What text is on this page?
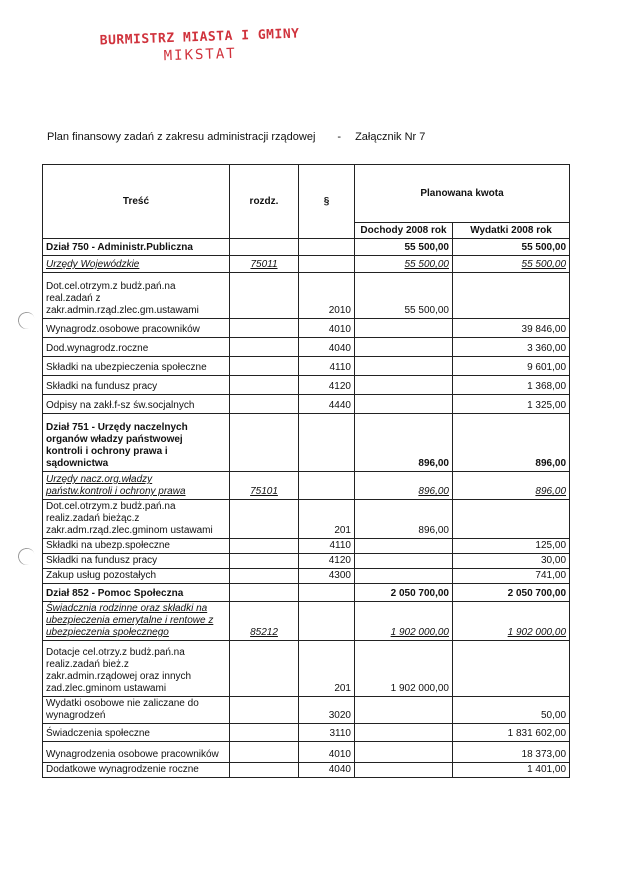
BURMISTRZ MIASTA I GMINY
MIKSTAT
Plan finansowy zadań z zakresu administracji rządowej - Załącznik Nr 7
Treść	rozdz.	§	Planowana kwota	
			Dochody 2008 rok	Wydatki 2008 rok
Dział 750 - Administr.Publiczna			55 500,00	55 500,00
Urzędy Wojewódzkie	75011		55 500,00	55 500,00
Dot.cel.otrzym.z budż.pań.na
real.zadań z
zakr.admin.rząd.zlec.gm.ustawami		2010	55 500,00	
Wynagrodz.osobowe pracowników		4010		39 846,00
Dod.wynagrodz.roczne		4040		3 360,00
Składki na ubezpieczenia społeczne		4110		9 601,00
Składki na fundusz pracy		4120		1 368,00
Odpisy na zakł.f-sz św.socjalnych		4440		1 325,00
Dział 751 - Urzędy naczelnych
organów władzy państwowej
kontroli i ochrony prawa i
sądownictwa			896,00	896,00
Urzędy nacz.org.władzy
państw.kontroli i ochrony prawa	75101		896,00	896,00
Dot.cel.otrzym.z budż.pań.na
realiz.zadań bieżąc.z
zakr.adm.rząd.zlec.gminom ustawami		201	896,00	
Składki na ubezp.społeczne		4110		125,00
Składki na fundusz pracy		4120		30,00
Zakup usług pozostałych		4300		741,00
Dział 852 - Pomoc Społeczna			2 050 700,00	2 050 700,00
Świadcznia rodzinne oraz składki na
ubezpieczenia emerytalne i rentowe z
ubezpieczenia społecznego	85212		1 902 000,00	1 902 000,00
Dotacje cel.otrzy.z budż.pań.na
realiz.zadań bież.z
zakr.admin.rządowej oraz innych
zad.zlec.gminom ustawami		201	1 902 000,00	
Wydatki osobowe nie zaliczane do
wynagrodzeń		3020		50,00
Świadczenia społeczne		3110		1 831 602,00
Wynagrodzenia osobowe pracowników		4010		18 373,00
Dodatkowe wynagrodzenie roczne		4040		1 401,00
